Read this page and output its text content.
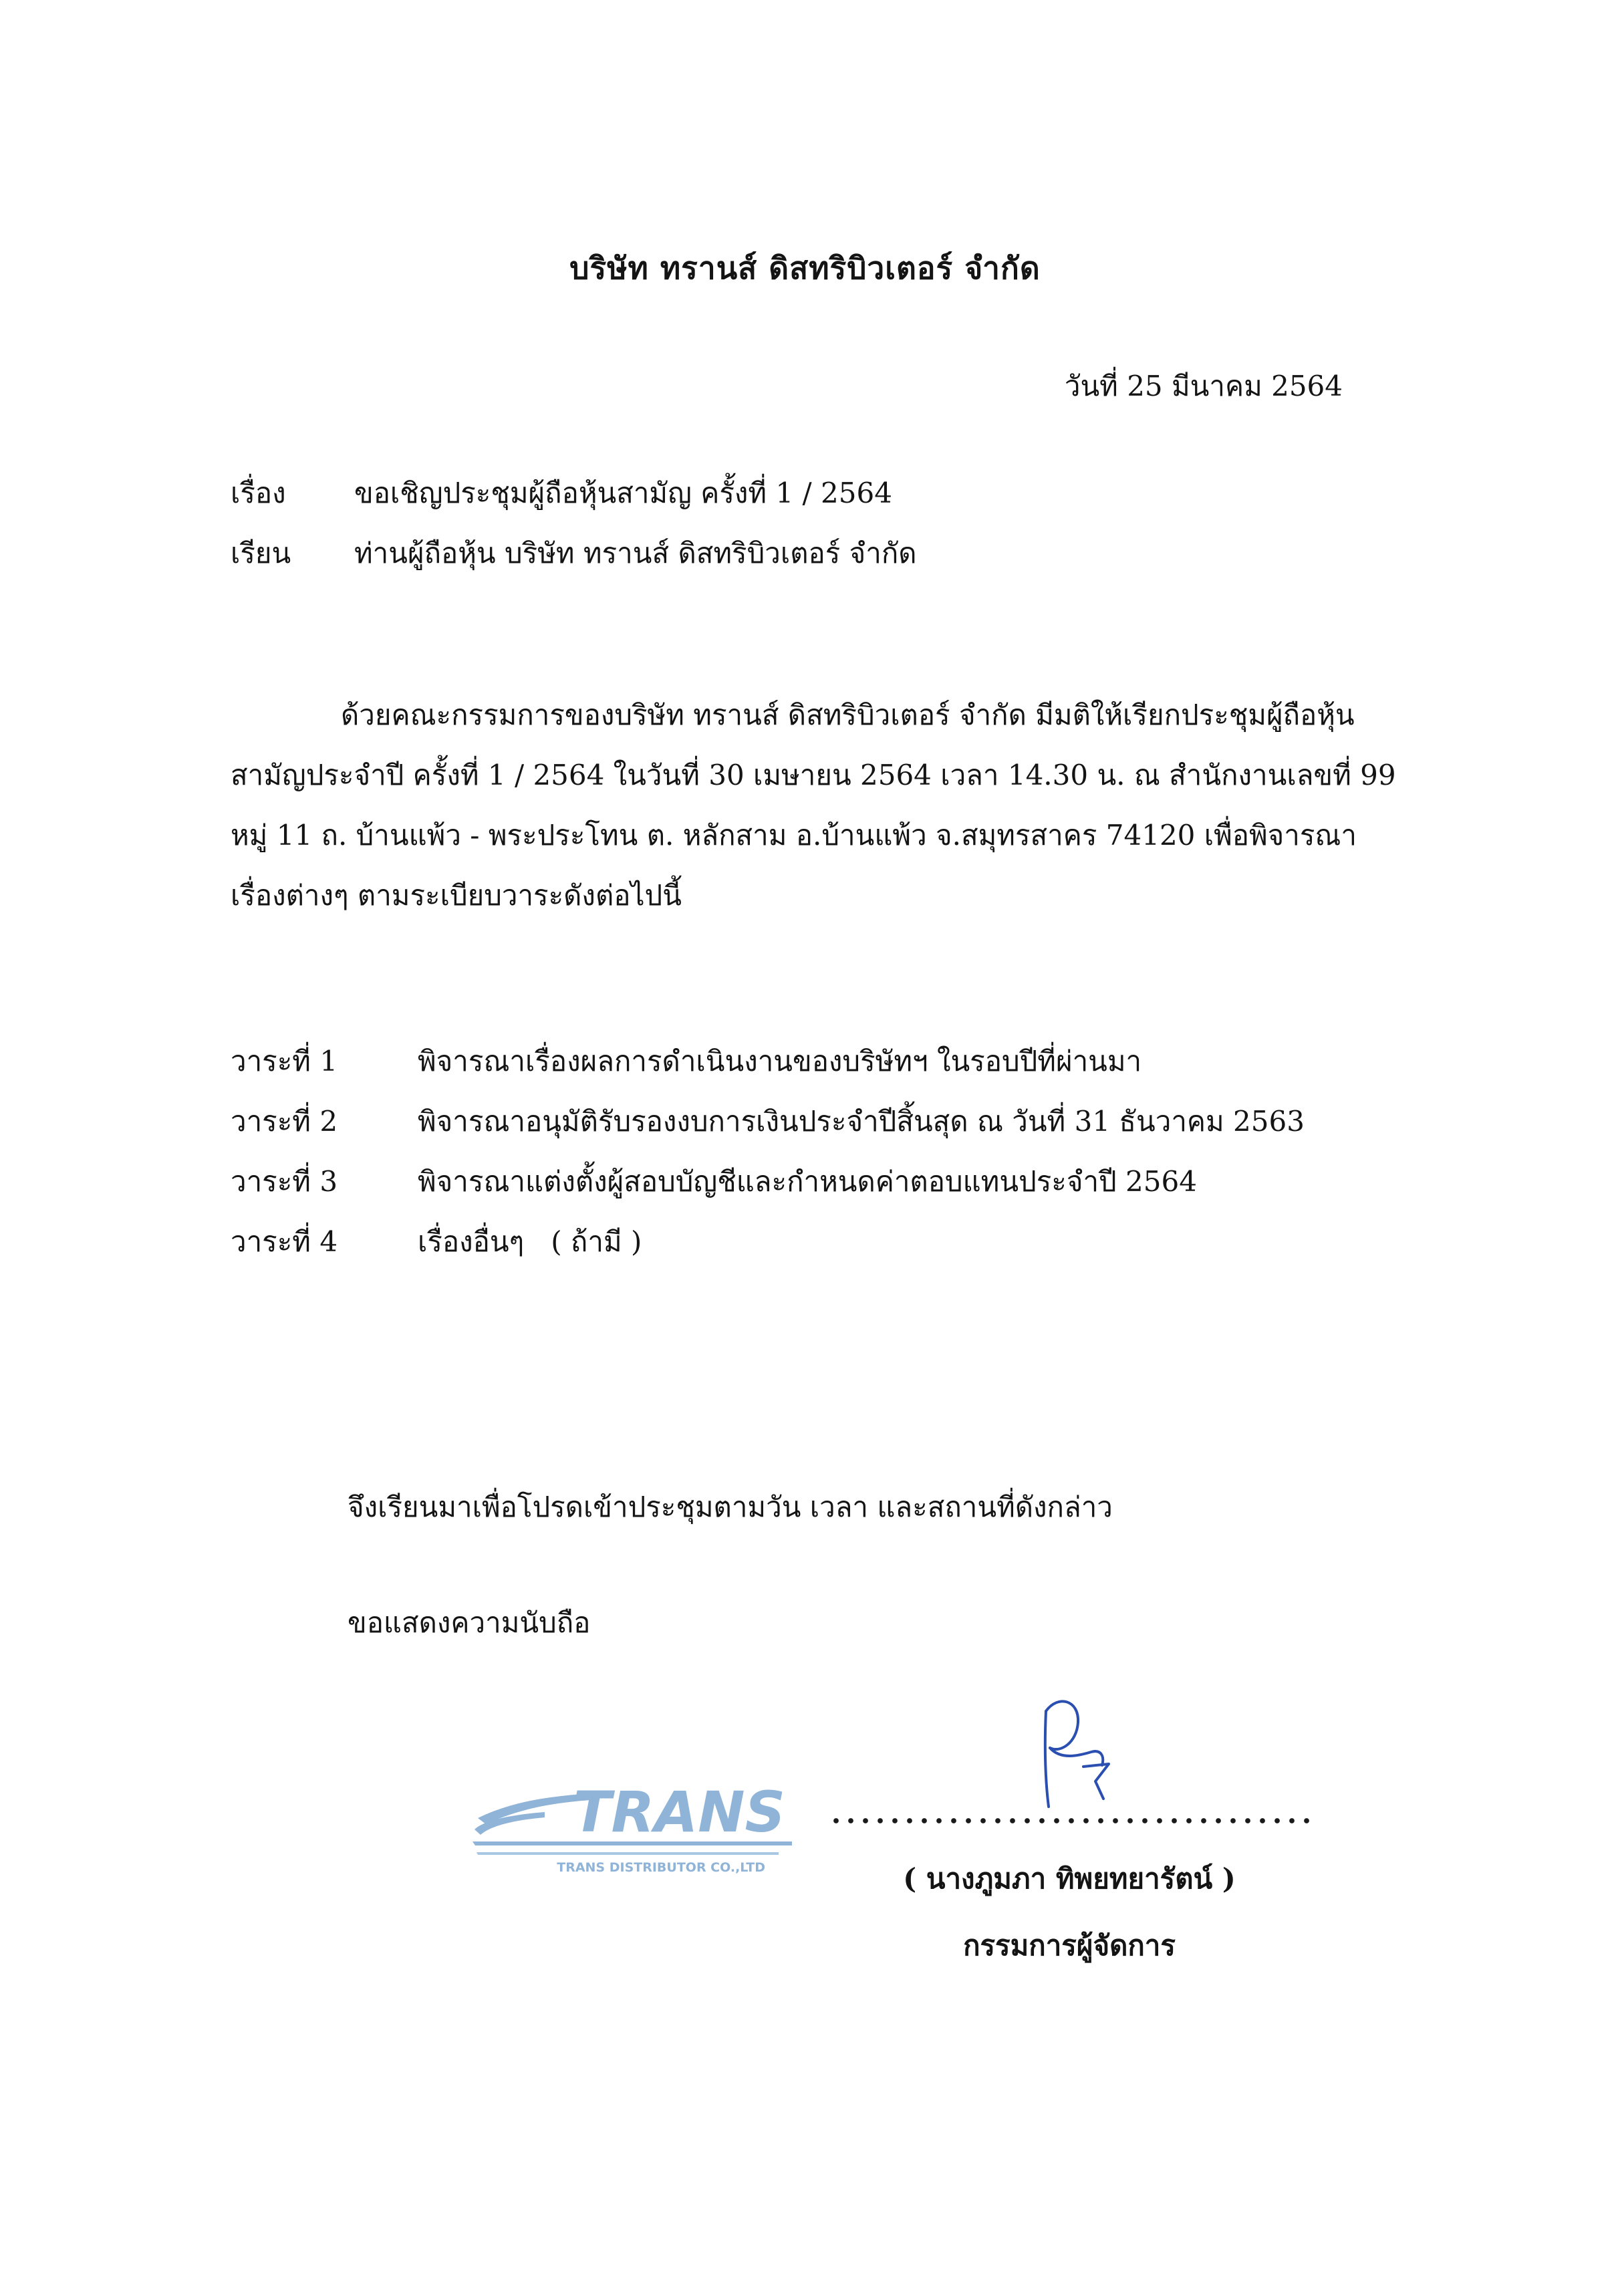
บริษัท ทรานส์ ดิสทริบิวเตอร์ จำกัด
วันที่ 25 มีนาคม 2564
เรื่อง ขอเชิญประชุมผู้ถือหุ้นสามัญ ครั้งที่ 1 / 2564
เรียน ท่านผู้ถือหุ้น บริษัท ทรานส์ ดิสทริบิวเตอร์ จำกัด
ด้วยคณะกรรมการของบริษัท ทรานส์ ดิสทริบิวเตอร์ จำกัด มีมติให้เรียกประชุมผู้ถือหุ้น
สามัญประจำปี ครั้งที่ 1 / 2564 ในวันที่ 30 เมษายน 2564 เวลา 14.30 น. ณ สำนักงานเลขที่ 99
หมู่ 11 ถ. บ้านแพ้ว - พระประโทน ต. หลักสาม อ.บ้านแพ้ว จ.สมุทรสาคร 74120 เพื่อพิจารณา
เรื่องต่างๆ ตามระเบียบวาระดังต่อไปนี้
วาระที่ 1	พิจารณาเรื่องผลการดำเนินงานของบริษัทฯ ในรอบปีที่ผ่านมา
วาระที่ 2	พิจารณาอนุมัติรับรองงบการเงินประจำปีสิ้นสุด ณ วันที่ 31 ธันวาคม 2563
วาระที่ 3	พิจารณาแต่งตั้งผู้สอบบัญชีและกำหนดค่าตอบแทนประจำปี 2564
วาระที่ 4	เรื่องอื่นๆ   ( ถ้ามี )
จึงเรียนมาเพื่อโปรดเข้าประชุมตามวัน เวลา และสถานที่ดังกล่าว
ขอแสดงความนับถือ
TRANS
TRANS DISTRIBUTOR CO.,LTD	( นางภูมภา ทิพยทยารัตน์ )
กรรมการผู้จัดการ
